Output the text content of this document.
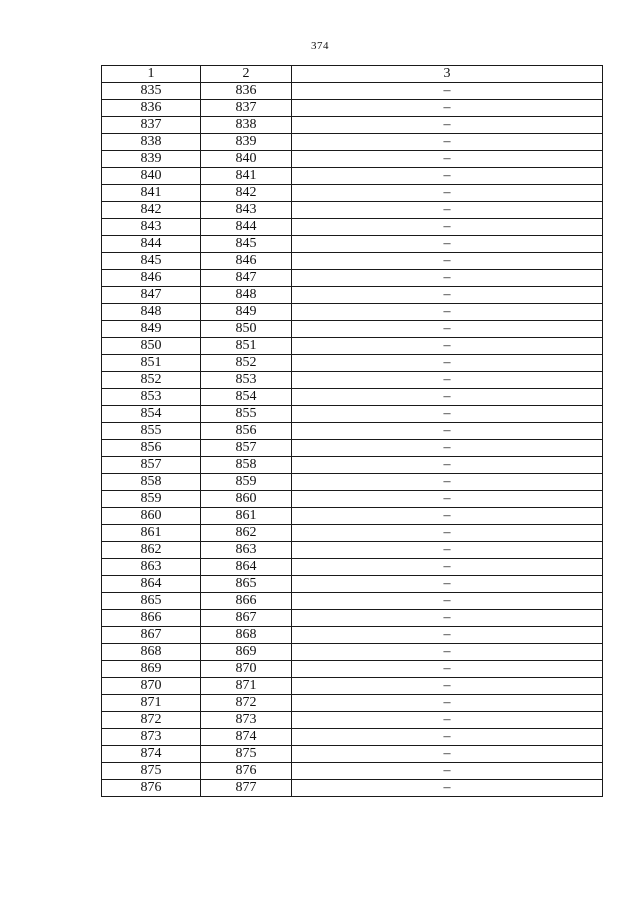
374
1	2	3
835	836	–
836	837	–
837	838	–
838	839	–
839	840	–
840	841	–
841	842	–
842	843	–
843	844	–
844	845	–
845	846	–
846	847	–
847	848	–
848	849	–
849	850	–
850	851	–
851	852	–
852	853	–
853	854	–
854	855	–
855	856	–
856	857	–
857	858	–
858	859	–
859	860	–
860	861	–
861	862	–
862	863	–
863	864	–
864	865	–
865	866	–
866	867	–
867	868	–
868	869	–
869	870	–
870	871	–
871	872	–
872	873	–
873	874	–
874	875	–
875	876	–
876	877	–
